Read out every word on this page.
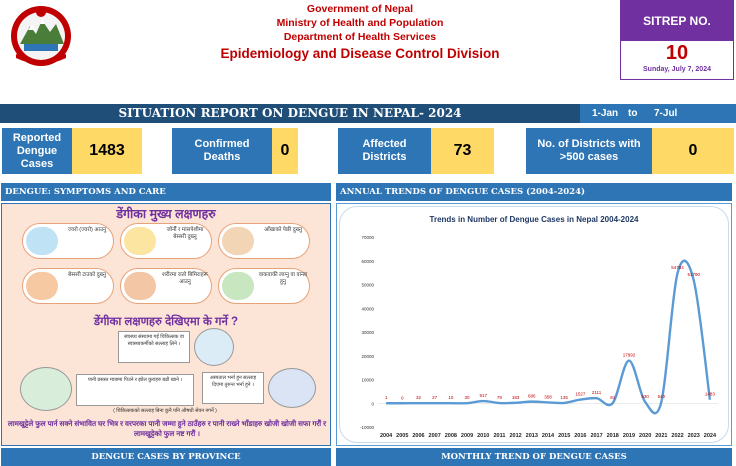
Government of Nepal
Ministry of Health and Population
Department of Health Services
Epidemiology and Disease Control Division
SITREP NO.
10
Sunday, July 7, 2024
SITUATION REPORT ON DENGUE IN NEPAL- 2024	1-Jan to 7-Jul
Reported Dengue Cases
1483	Confirmed Deaths	0	Affected Districts	73	No. of Districts with >500 cases	0
DENGUE: SYMPTOMS AND CARE	ANNUAL TRENDS OF DENGUE CASES (2004-2024)
डेंगीका मुख्य लक्षणहरु
ज्वरो (ज्वरो) आउनु	जोर्नी र मांसपेशीमा बेस्सरी दुख्नु
आँखाको पेछी दुख्नु
बेस्सरी टाउको दुख्नु	शरीरमा रातो बिमिराहरू आउनु
वाकवाकी लाग्नु वा वान्ता हुनु
डेंगीका लक्षणहरु देखिएमा के गर्ने ?
स्वास्थ्य संस्थामा गई चिकित्सक वा स्वास्थ्यकर्मीको सल्लाह लिने ।
पानी प्रसस्त मात्रामा पिउने र झोल कुराहरु बढी खाने ।	अस्पताल भर्ना हुन सल्लाह दिएमा तुरुन्त भर्ना हुने ।
( चिकित्सकको सल्लाह बिना कुनै पनि औषधी सेवन नगर्ने )
लामखुट्टेले फुल पार्न सक्ने संभावित घर भित्र र वरपरका पानी जम्मा हुने ठाउँहरु र पानी राख्ने भाँडाहरु खोजी खोजी सफा गरौं र लामखुट्टेको फुल नष्ट गरौं ।
Trends in Number of Dengue Cases in Nepal 2004-2024
-10000
0
10000
20000
30000
40000
50000
60000
70000
2004
1
2005
0
2006
32
2007
27
2008
10
2009
30
2010
917
2011
79
2012
183
2013
686
2014
358
2015
135
2016
1527
2017
2111
2018
81
2019
17992
2020
530
2021
540
2022
54784
2023
51790
2024
1483
DENGUE CASES BY PROVINCE	MONTHLY TREND OF DENGUE CASES
